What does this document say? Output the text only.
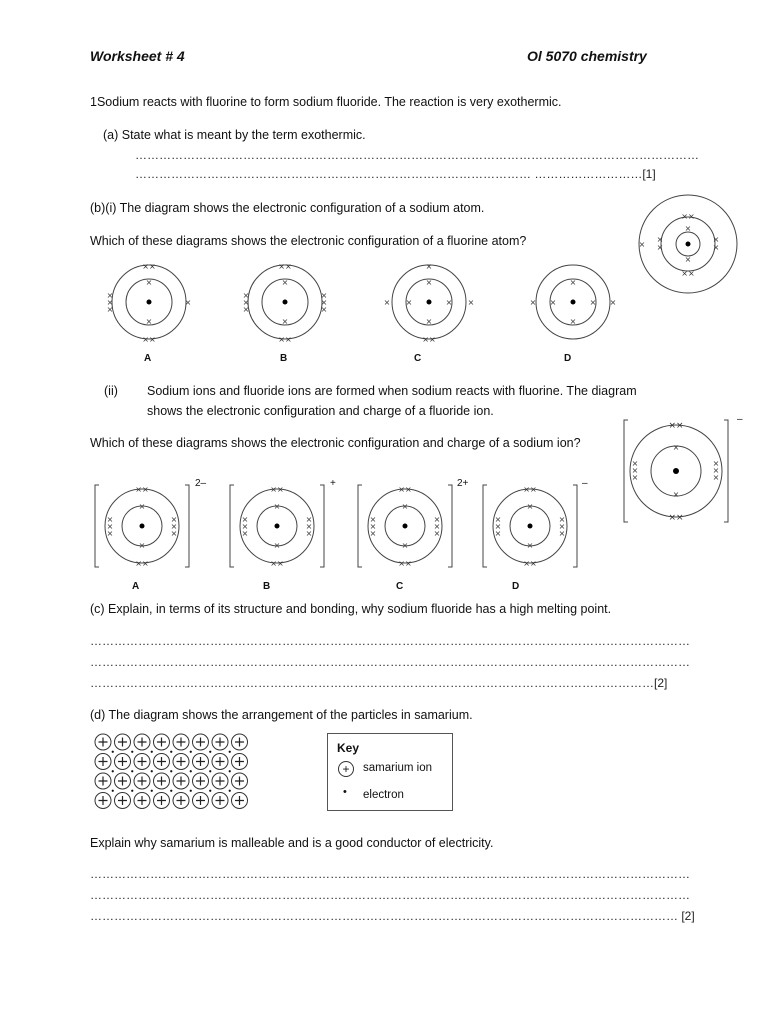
Worksheet # 4	Ol 5070 chemistry
1Sodium reacts with fluorine to form sodium fluoride. The reaction is very exothermic.
(a) State what is meant by the term exothermic.
……………………………………………………………………………………………………………………………
……………………………………………………………………………………… ………………………[1]
(b)(i) The diagram shows the electronic configuration of a sodium atom.
Which of these diagrams shows the electronic configuration of a fluorine atom?
××
××
×
×
×
×
×
×
×
××
××
×
×
×
×
×
×
××
××
×
×
×
×
×
×
×
×
×
××
×
×
× ×	× ×
×
×
× ×	× ×
A	B	C	D
(ii) Sodium ions and fluoride ions are formed when sodium reacts with fluorine. The diagram
shows the electronic configuration and charge of a fluoride ion.
Which of these diagrams shows the electronic configuration and charge of a sodium ion?
××
××
×
×
×
×
×
×
×
×
–
××
××
×
×
×
×
×
×
×
×
2–
××
××
×
×
×
×
×
×
×
×
+
××
××
×
×
×
×
×
×
×
×
2+
××
××
×
×
×
×
×
×
×
×
–
A	B	C	D
(c) Explain, in terms of its structure and bonding, why sodium fluoride has a high melting point.
……………………………………………………………………………………………………………………………………
……………………………………………………………………………………………………………………………………
……………………………………………………………………………………………………………………………[2]
(d) The diagram shows the arrangement of the particles in samarium.
Key
+	samarium ion
• electron
Explain why samarium is malleable and is a good conductor of electricity.
……………………………………………………………………………………………………………………………………
……………………………………………………………………………………………………………………………………
………………………………………………………………………………………………………………………………… [2]
